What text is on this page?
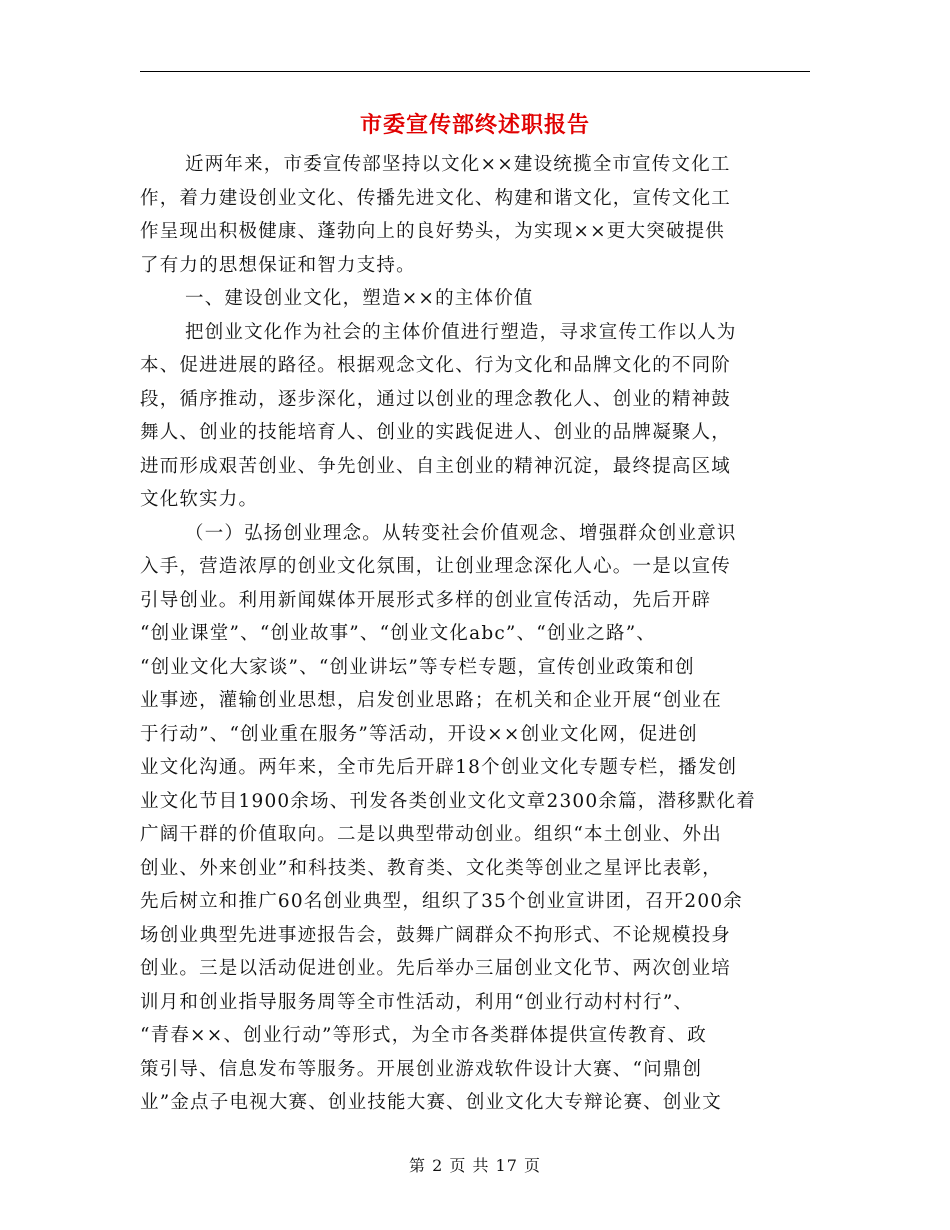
市委宣传部终述职报告
近两年来，市委宣传部坚持以文化××建设统揽全市宣传文化工
作，着力建设创业文化、传播先进文化、构建和谐文化，宣传文化工
作呈现出积极健康、蓬勃向上的良好势头，为实现××更大突破提供
了有力的思想保证和智力支持。
一、建设创业文化，塑造××的主体价值
把创业文化作为社会的主体价值进行塑造，寻求宣传工作以人为
本、促进进展的路径。根据观念文化、行为文化和品牌文化的不同阶
段，循序推动，逐步深化，通过以创业的理念教化人、创业的精神鼓
舞人、创业的技能培育人、创业的实践促进人、创业的品牌凝聚人，
进而形成艰苦创业、争先创业、自主创业的精神沉淀，最终提高区域
文化软实力。
（一）弘扬创业理念。从转变社会价值观念、增强群众创业意识
入手，营造浓厚的创业文化氛围，让创业理念深化人心。一是以宣传
引导创业。利用新闻媒体开展形式多样的创业宣传活动，先后开辟
“创业课堂”、“创业故事”、“创业文化abc”、“创业之路”、
“创业文化大家谈”、“创业讲坛”等专栏专题，宣传创业政策和创
业事迹，灌输创业思想，启发创业思路；在机关和企业开展“创业在
于行动”、“创业重在服务”等活动，开设××创业文化网，促进创
业文化沟通。两年来，全市先后开辟18个创业文化专题专栏，播发创
业文化节目1900余场、刊发各类创业文化文章2300余篇，潜移默化着
广阔干群的价值取向。二是以典型带动创业。组织“本土创业、外出
创业、外来创业”和科技类、教育类、文化类等创业之星评比表彰，
先后树立和推广60名创业典型，组织了35个创业宣讲团，召开200余
场创业典型先进事迹报告会，鼓舞广阔群众不拘形式、不论规模投身
创业。三是以活动促进创业。先后举办三届创业文化节、两次创业培
训月和创业指导服务周等全市性活动，利用“创业行动村村行”、
“青春××、创业行动”等形式，为全市各类群体提供宣传教育、政
策引导、信息发布等服务。开展创业游戏软件设计大赛、“问鼎创
业”金点子电视大赛、创业技能大赛、创业文化大专辩论赛、创业文
第 2 页 共 17 页
